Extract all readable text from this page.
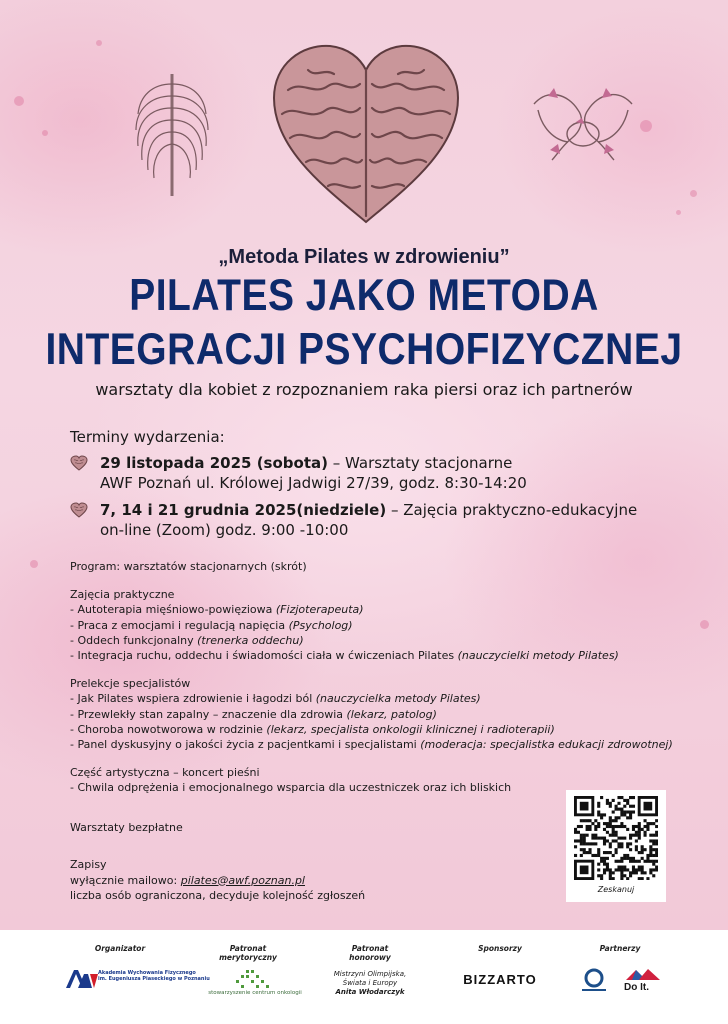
„Metoda Pilates w zdrowieniu”
PILATES JAKO METODA
INTEGRACJI PSYCHOFIZYCZNEJ
warsztaty dla kobiet z rozpoznaniem raka piersi oraz ich partnerów
Terminy wydarzenia:
29 listopada 2025 (sobota) – Warsztaty stacjonarne
AWF Poznań ul. Królowej Jadwigi 27/39, godz. 8:30-14:20
7, 14 i 21 grudnia 2025(niedziele) – Zajęcia praktyczno-edukacyjne
on-line (Zoom) godz. 9:00 -10:00
Program: warsztatów stacjonarnych (skrót)
Zajęcia praktyczne
- Autoterapia mięśniowo-powięziowa (Fizjoterapeuta)
- Praca z emocjami i regulacją napięcia (Psycholog)
- Oddech funkcjonalny (trenerka oddechu)
- Integracja ruchu, oddechu i świadomości ciała w ćwiczeniach Pilates (nauczycielki metody Pilates)
Prelekcje specjalistów
- Jak Pilates wspiera zdrowienie i łagodzi ból (nauczycielka metody Pilates)
- Przewlekły stan zapalny – znaczenie dla zdrowia (lekarz, patolog)
- Choroba nowotworowa w rodzinie (lekarz, specjalista onkologii klinicznej i radioterapii)
- Panel dyskusyjny o jakości życia z pacjentkami i specjalistami (moderacja: specjalistka edukacji zdrowotnej)
Część artystyczna – koncert pieśni
- Chwila odprężenia i emocjonalnego wsparcia dla uczestniczek oraz ich bliskich
Warsztaty bezpłatne
Zapisy
wyłącznie mailowo: pilates@awf.poznan.pl
liczba osób ograniczona, decyduje kolejność zgłoszeń	Zeskanuj
Organizator
Akademia Wychowania Fizycznego
im. Eugeniusza Piaseckiego w Poznaniu
Patronat
merytoryczny
stowarzyszenie centrum onkologii
Patronat
honorowy
Mistrzyni Olimpijska,
Świata i Europy
Anita Włodarczyk
Sponsorzy
BIZZARTO
Partnerzy
Do It.
